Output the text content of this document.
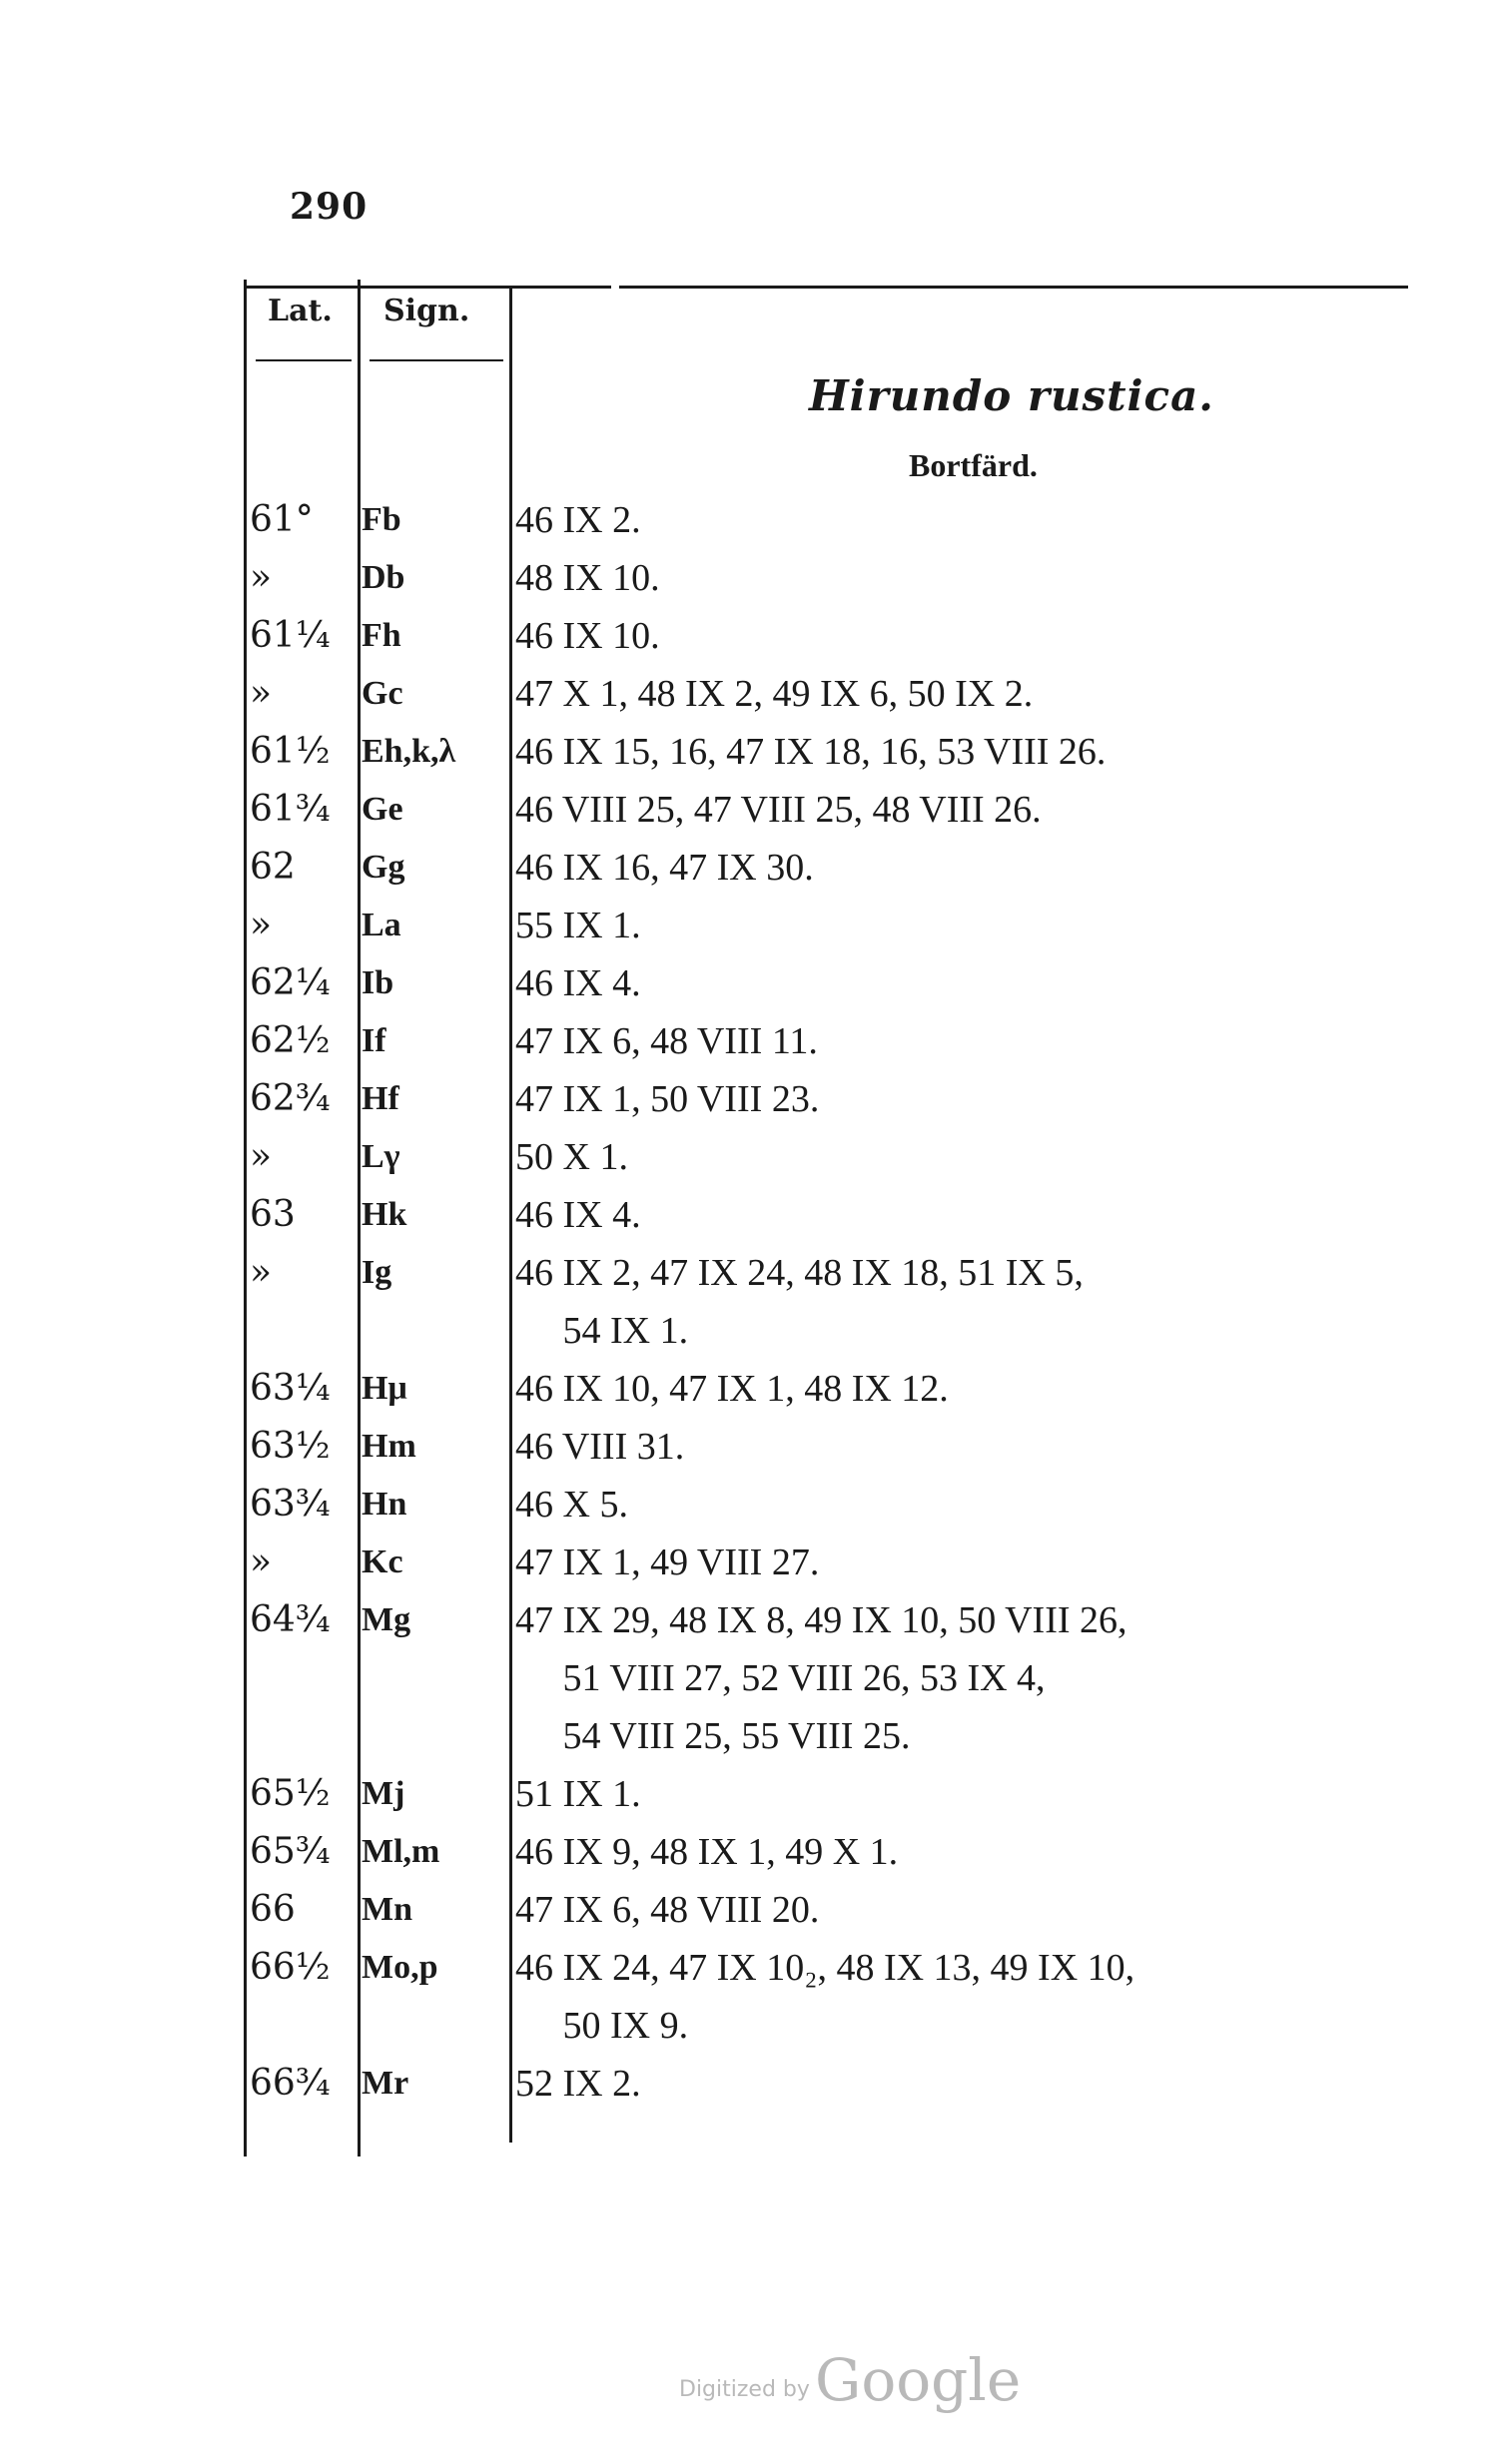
290
Lat. Sign.
Hirundo rustica.
Bortfärd.
61°	Fb	46 IX 2.
»	Db	48 IX 10.
61¼ Fh	46 IX 10.
»	Gc	47 X 1, 48 IX 2, 49 IX 6, 50 IX 2.
61½ Eh,k,λ	46 IX 15, 16, 47 IX 18, 16, 53 VIII 26.
61¾ Ge	46 VIII 25, 47 VIII 25, 48 VIII 26.
62	Gg	46 IX 16, 47 IX 30.
»	La	55 IX 1.
62¼ Ib	46 IX 4.
62½ If	47 IX 6, 48 VIII 11.
62¾ Hf	47 IX 1, 50 VIII 23.
»	Lγ	50 X 1.
63	Hk	46 IX 4.
»	Ig	46 IX 2, 47 IX 24, 48 IX 18, 51 IX 5,
54 IX 1.
63¼ Hμ	46 IX 10, 47 IX 1, 48 IX 12.
63½ Hm	46 VIII 31.
63¾ Hn	46 X 5.
»	Kc	47 IX 1, 49 VIII 27.
64¾ Mg	47 IX 29, 48 IX 8, 49 IX 10, 50 VIII 26,
51 VIII 27, 52 VIII 26, 53 IX 4,
54 VIII 25, 55 VIII 25.
65½ Mj	51 IX 1.
65¾ Ml,m	46 IX 9, 48 IX 1, 49 X 1.
66	Mn	47 IX 6, 48 VIII 20.
66½ Mo,p	46 IX 24, 47 IX 10₂, 48 IX 13, 49 IX 10,
50 IX 9.
66¾ Mr	52 IX 2.
Digitized by Google
